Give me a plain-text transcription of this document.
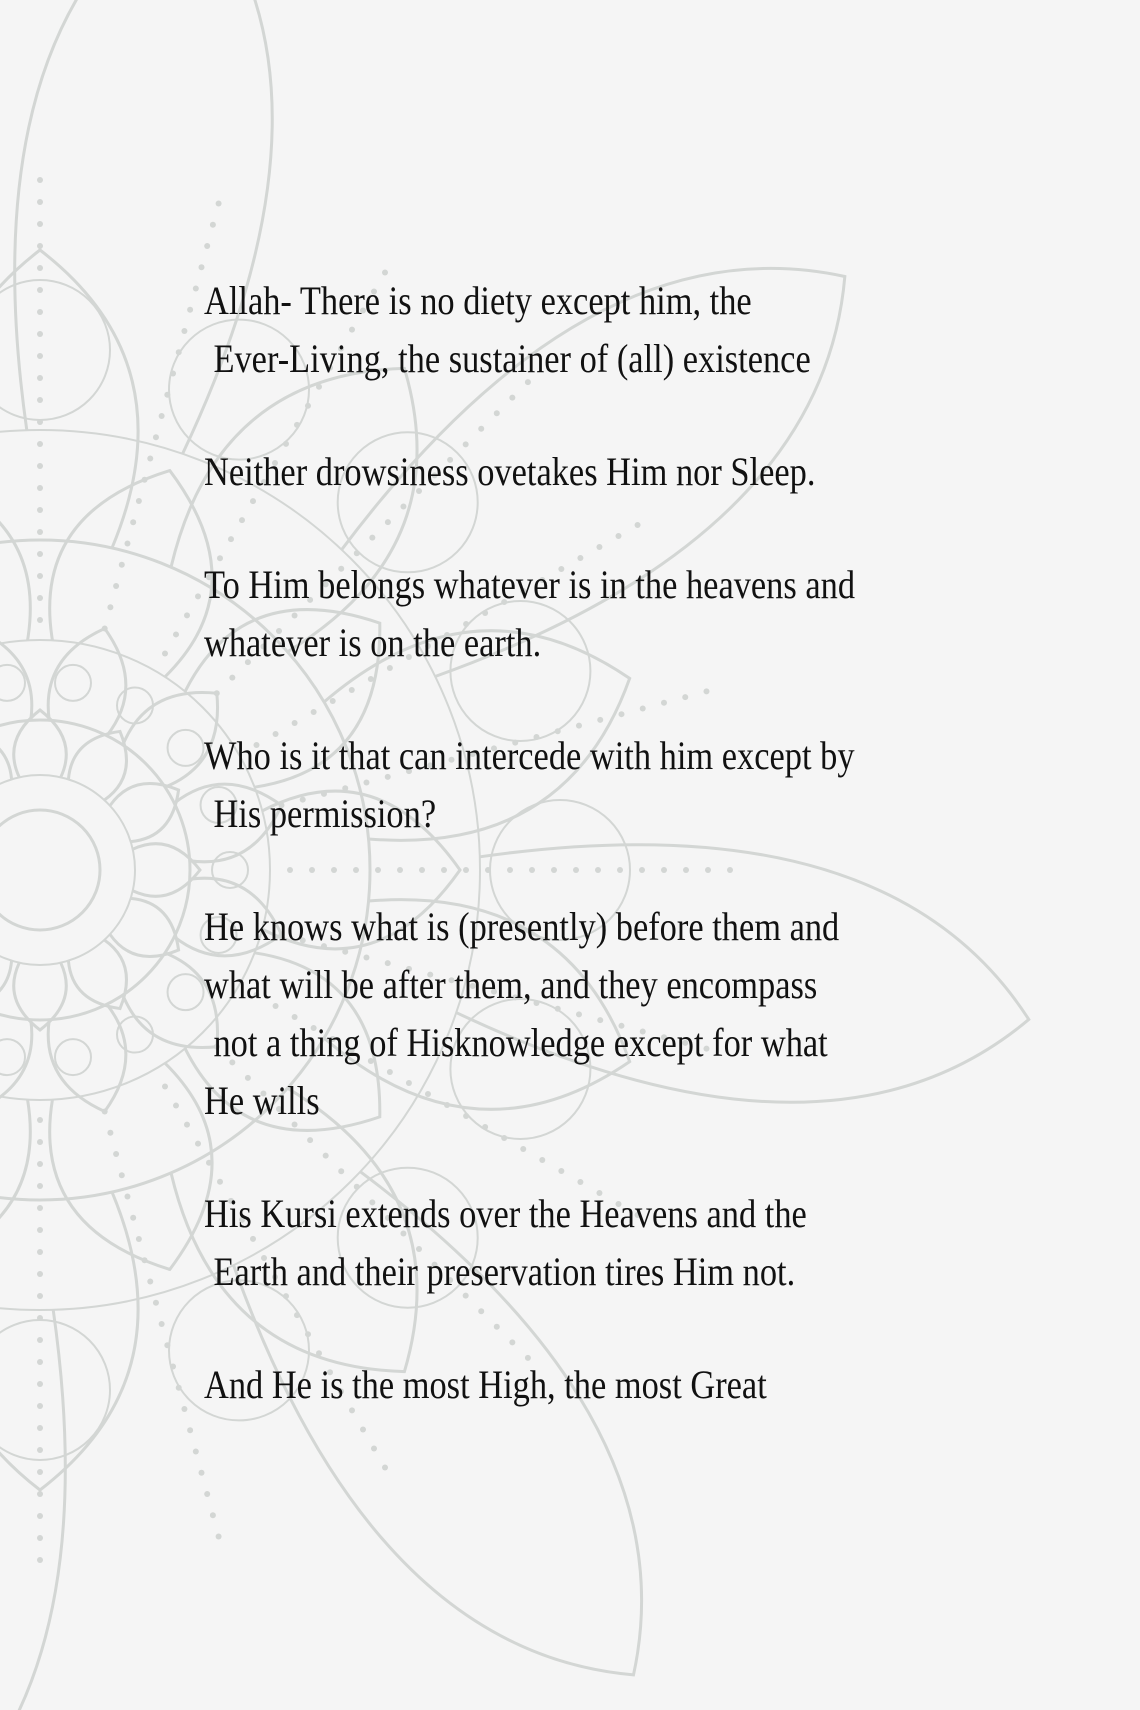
Allah- There is no diety except him, the
Ever-Living, the sustainer of (all) existence

Neither drowsiness ovetakes Him nor Sleep.

To Him belongs whatever is in the heavens and
whatever is on the earth.

Who is it that can intercede with him except by
His permission?

He knows what is (presently) before them and
what will be after them, and they encompass
not a thing of Hisknowledge except for what
He wills

His Kursi extends over the Heavens and the
Earth and their preservation tires Him not.

And He is the most High, the most Great
